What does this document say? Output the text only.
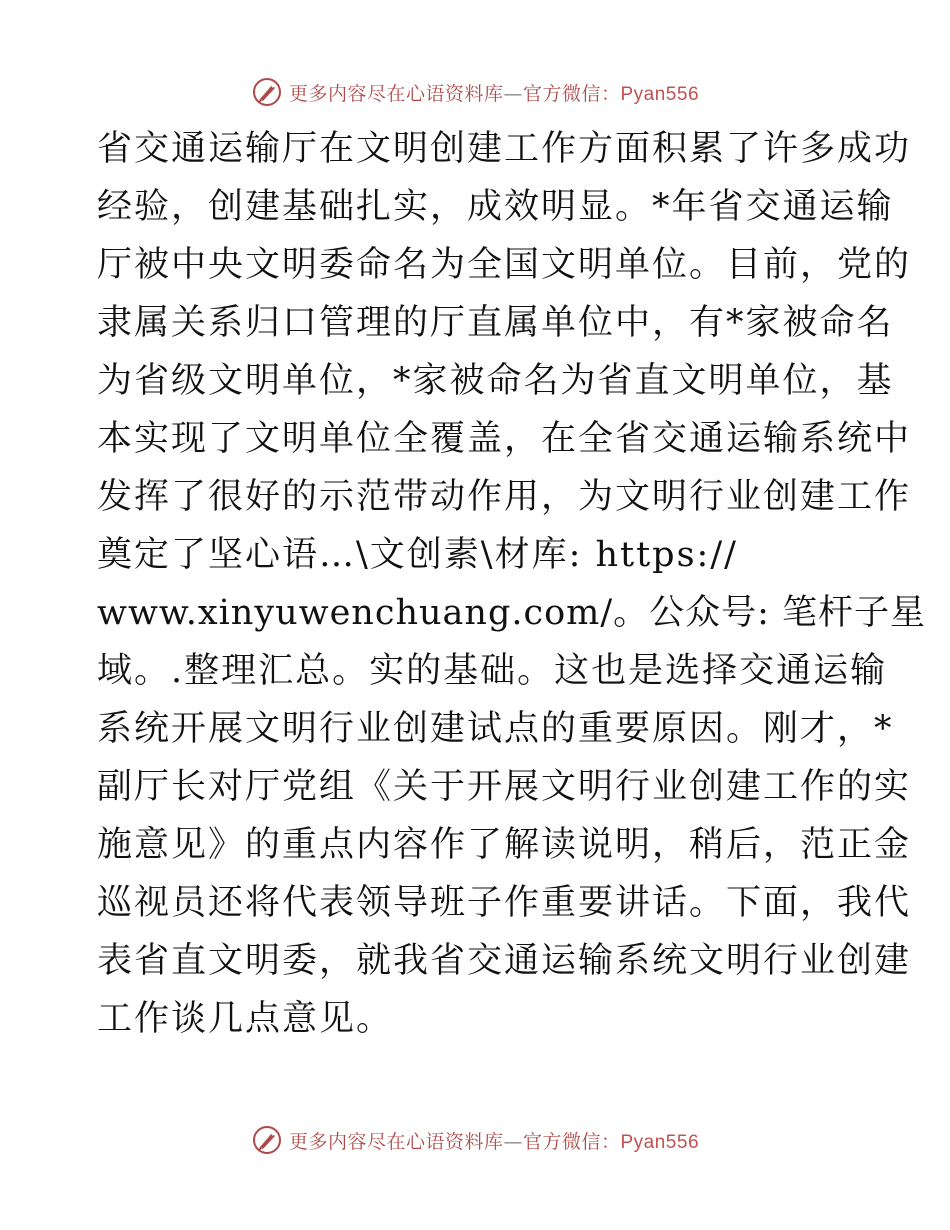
更多内容尽在心语资料库—官方微信：Pyan556
省交通运输厅在文明创建工作方面积累了许多成功
经验，创建基础扎实，成效明显。*年省交通运输
厅被中央文明委命名为全国文明单位。目前，党的
隶属关系归口管理的厅直属单位中，有*家被命名
为省级文明单位，*家被命名为省直文明单位，基
本实现了文明单位全覆盖，在全省交通运输系统中
发挥了很好的示范带动作用，为文明行业创建工作
奠定了坚心语…\文创素\材库: https://
www.xinyuwenchuang.com/。公众号: 笔杆子星
域。.整理汇总。实的基础。这也是选择交通运输
系统开展文明行业创建试点的重要原因。刚才，*
副厅长对厅党组《关于开展文明行业创建工作的实
施意见》的重点内容作了解读说明，稍后，范正金
巡视员还将代表领导班子作重要讲话。下面，我代
表省直文明委，就我省交通运输系统文明行业创建
工作谈几点意见。
更多内容尽在心语资料库—官方微信：Pyan556
